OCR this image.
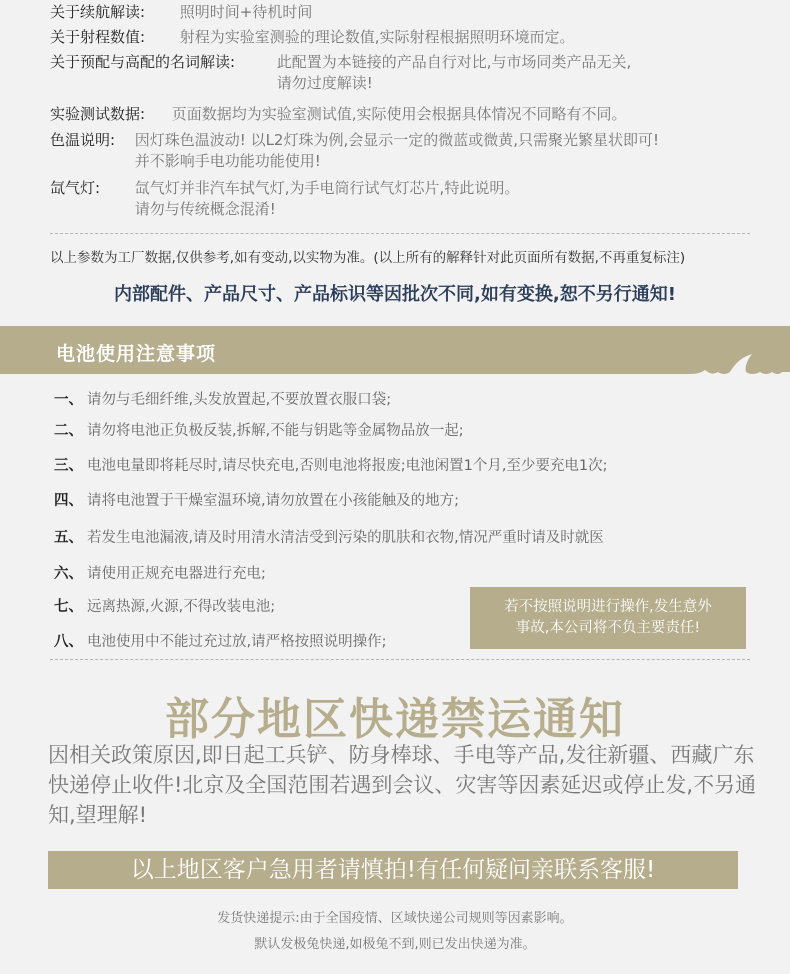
关于续航解读: 照明时间+待机时间
关于射程数值: 射程为实验室测验的理论数值,实际射程根据照明环境而定。
关于预配与高配的名词解读:	此配置为本链接的产品自行对比,与市场同类产品无关,
请勿过度解读!
实验测试数据: 页面数据均为实验室测试值,实际使用会根据具体情况不同略有不同。
色温说明: 因灯珠色温波动! 以L2灯珠为例,会显示一定的微蓝或微黄,只需聚光繁星状即可!
并不影响手电功能功能使用!
氙气灯: 氙气灯并非汽车拭气灯,为手电筒行试气灯芯片,特此说明。
请勿与传统概念混淆!
以上参数为工厂数据,仅供参考,如有变动,以实物为准。(以上所有的解释针对此页面所有数据,不再重复标注)
内部配件、产品尺寸、产品标识等因批次不同,如有变换,恕不另行通知!
电池使用注意事项
一、 请勿与毛细纤维,头发放置起,不要放置衣服口袋;
二、 请勿将电池正负极反装,拆解,不能与钥匙等金属物品放一起;
三、 电池电量即将耗尽时,请尽快充电,否则电池将报废;电池闲置1个月,至少要充电1次;
四、 请将电池置于干燥室温环境,请勿放置在小孩能触及的地方;
五、 若发生电池漏液,请及时用清水清洁受到污染的肌肤和衣物,情况严重时请及时就医
六、 请使用正规充电器进行充电;
七、 远离热源,火源,不得改装电池;
八、 电池使用中不能过充过放,请严格按照说明操作;
若不按照说明进行操作,发生意外
事故,本公司将不负主要责任!
部分地区快递禁运通知
因相关政策原因,即日起工兵铲、防身棒球、手电等产品,发往新疆、西藏广东快递停止收件!北京及全国范围若遇到会议、灾害等因素延迟或停止发,不另通知,望理解!
以上地区客户急用者请慎拍!有任何疑问亲联系客服!
发货快递提示:由于全国疫情、区域快递公司规则等因素影响。
默认发极兔快递,如极兔不到,则已发出快递为准。
